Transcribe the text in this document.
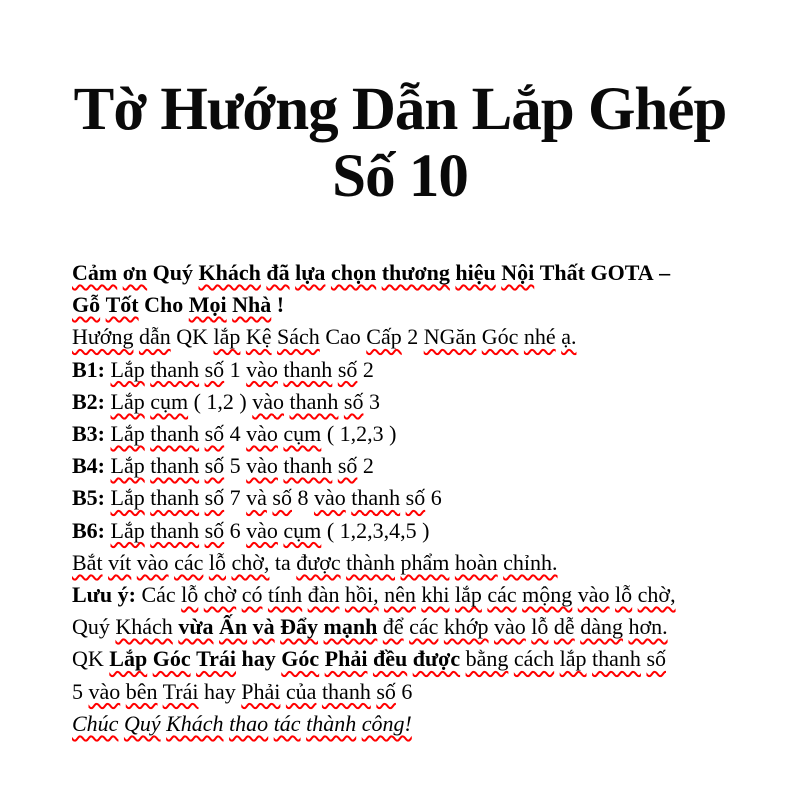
Tờ Hướng Dẫn Lắp Ghép
Số 10
Cảm ơn Quý Khách đã lựa chọn thương hiệu Nội Thất GOTA –
Gỗ Tốt Cho Mọi Nhà !
Hướng dẫn QK lắp Kệ Sách Cao Cấp 2 NGăn Góc nhé ạ.
B1: Lắp thanh số 1 vào thanh số 2
B2: Lắp cụm ( 1,2 ) vào thanh số 3
B3: Lắp thanh số 4 vào cụm ( 1,2,3 )
B4: Lắp thanh số 5 vào thanh số 2
B5: Lắp thanh số 7 và số 8 vào thanh số 6
B6: Lắp thanh số 6 vào cụm ( 1,2,3,4,5 )
Bắt vít vào các lỗ chờ, ta được thành phẩm hoàn chỉnh.
Lưu ý: Các lỗ chờ có tính đàn hồi, nên khi lắp các mộng vào lỗ chờ,
Quý Khách vừa Ấn và Đẩy mạnh để các khớp vào lỗ dễ dàng hơn.
QK Lắp Góc Trái hay Góc Phải đều được bằng cách lắp thanh số
5 vào bên Trái hay Phải của thanh số 6
Chúc Quý Khách thao tác thành công!
